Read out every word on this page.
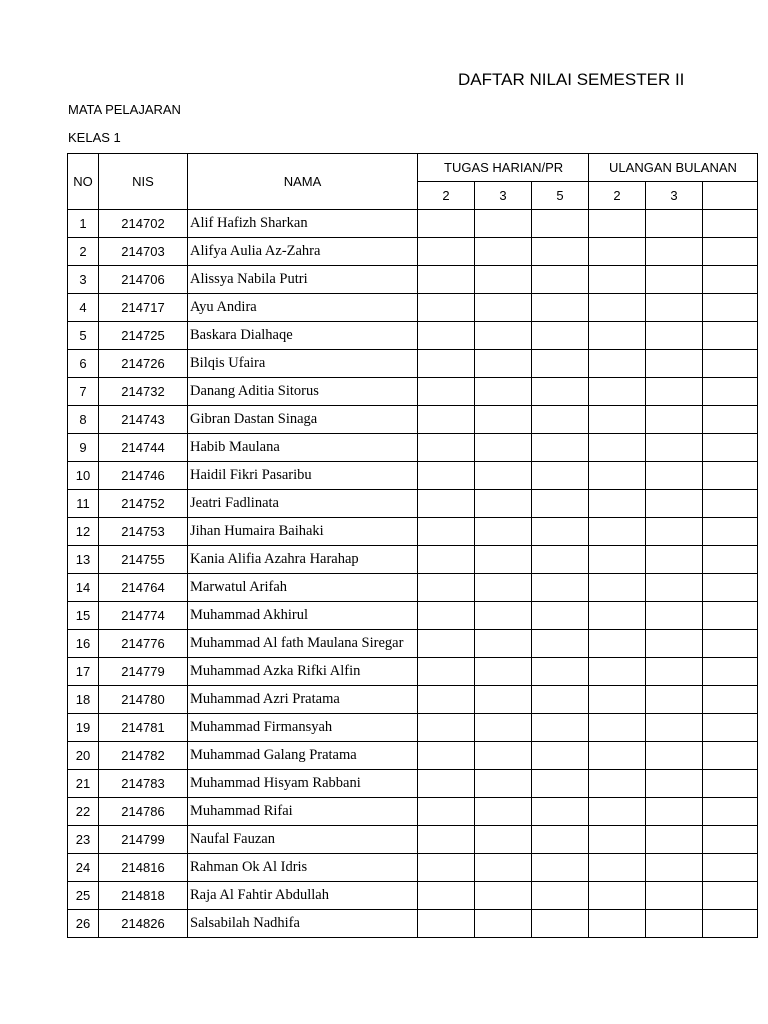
DAFTAR NILAI SEMESTER II
MATA PELAJARAN
KELAS 1
NO	NIS	NAMA	TUGAS HARIAN/PR			ULANGAN BULANAN		
			2	3	5	2	3	
1	214702	Alif Hafizh Sharkan						
2	214703	Alifya Aulia Az-Zahra						
3	214706	Alissya Nabila Putri						
4	214717	Ayu Andira						
5	214725	Baskara Dialhaqe						
6	214726	Bilqis Ufaira						
7	214732	Danang Aditia Sitorus						
8	214743	Gibran Dastan Sinaga						
9	214744	Habib Maulana						
10	214746	Haidil Fikri Pasaribu						
11	214752	Jeatri Fadlinata						
12	214753	Jihan Humaira Baihaki						
13	214755	Kania Alifia Azahra Harahap						
14	214764	Marwatul Arifah						
15	214774	Muhammad Akhirul						
16	214776	Muhammad Al fath Maulana Siregar						
17	214779	Muhammad Azka Rifki Alfin						
18	214780	Muhammad Azri Pratama						
19	214781	Muhammad Firmansyah						
20	214782	Muhammad Galang Pratama						
21	214783	Muhammad Hisyam Rabbani						
22	214786	Muhammad Rifai						
23	214799	Naufal Fauzan						
24	214816	Rahman Ok Al Idris						
25	214818	Raja Al Fahtir Abdullah						
26	214826	Salsabilah Nadhifa						
